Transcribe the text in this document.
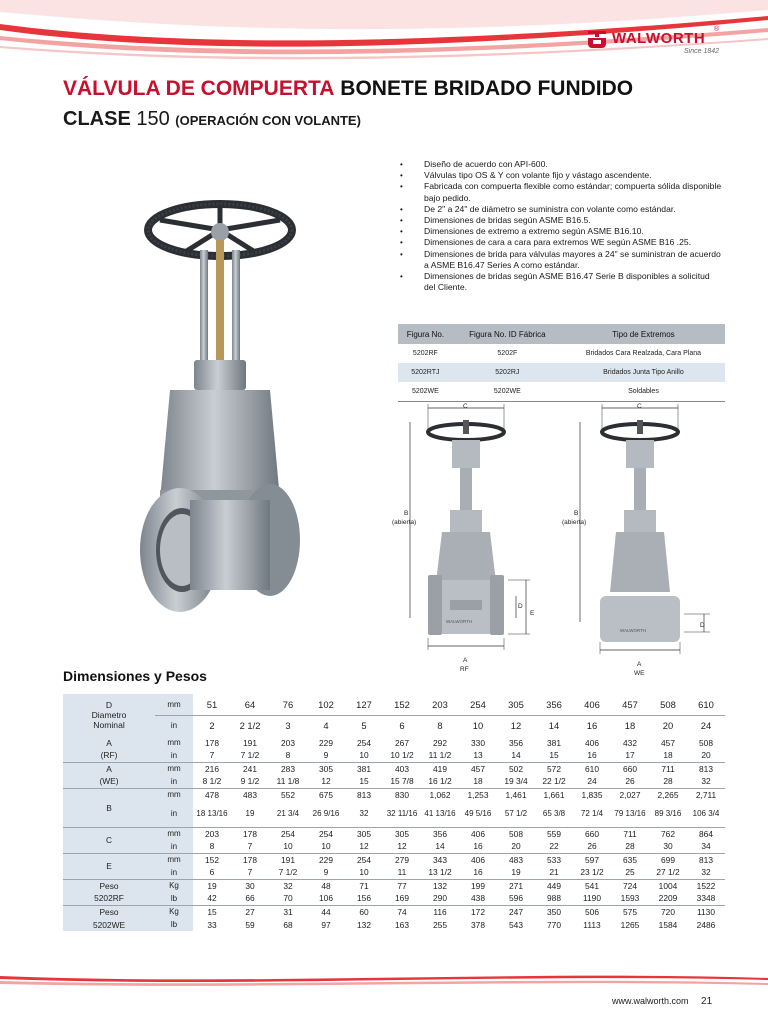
WALWORTH
®
Since 1842
VÁLVULA DE COMPUERTA BONETE BRIDADO FUNDIDO
CLASE 150 (OPERACIÓN CON VOLANTE)
• Diseño de acuerdo con API-600.
• Válvulas tipo OS & Y con volante fijo y vástago ascendente.
• Fabricada con compuerta flexible como estándar; compuerta sólida disponible bajo pedido.
• De 2" a 24" de diámetro se suministra con volante como estándar.
• Dimensiones de bridas según ASME B16.5.
• Dimensiones de extremo a extremo según ASME B16.10.
• Dimensiones de cara a cara para extremos WE según ASME B16 .25.
• Dimensiones de brida para válvulas mayores a 24" se suministran de acuerdo a ASME B16.47 Series A como estándar.
• Dimensiones de bridas según ASME B16.47 Serie B disponibles a solicitud del Cliente.
Figura No.	Figura No. ID Fábrica	Tipo de Extremos
5202RF	5202F	Bridados Cara Realzada, Cara Plana
5202RTJ	5202RJ	Bridados Junta Tipo Anillo
5202WE	5202WE	Soldables
C
B
(abierta)
WALWORTH
D
E
A
RF
C
B
(abierta)
WALWORTH
D
A
WE
Dimensiones y Pesos
D
Diametro
Nominal	mm	51	64	76	102	127	152	203	254	305	356	406	457	508	610
	in	2	2 1/2	3	4	5	6	8	10	12	14	16	18	20	24
A	mm	178	191	203	229	254	267	292	330	356	381	406	432	457	508
(RF)	in	7	7 1/2	8	9	10	10 1/2	11 1/2	13	14	15	16	17	18	20
A	mm	216	241	283	305	381	403	419	457	502	572	610	660	711	813
(WE)	in	8 1/2	9 1/2	11 1/8	12	15	15 7/8	16 1/2	18	19 3/4	22 1/2	24	26	28	32
B	mm	478	483	552	675	813	830	1,062	1,253	1,461	1,661	1,835	2,027	2,265	2,711
	in	18 13/16	19	21 3/4	26 9/16	32	32 11/16	41 13/16	49 5/16	57 1/2	65 3/8	72 1/4	79 13/16	89 3/16	106 3/4
C	mm	203	178	254	254	305	305	356	406	508	559	660	711	762	864
	in	8	7	10	10	12	12	14	16	20	22	26	28	30	34
E	mm	152	178	191	229	254	279	343	406	483	533	597	635	699	813
	in	6	7	7 1/2	9	10	11	13 1/2	16	19	21	23 1/2	25	27 1/2	32
Peso	Kg	19	30	32	48	71	77	132	199	271	449	541	724	1004	1522
5202RF	lb	42	66	70	106	156	169	290	438	596	988	1190	1593	2209	3348
Peso	Kg	15	27	31	44	60	74	116	172	247	350	506	575	720	1130
5202WE	lb	33	59	68	97	132	163	255	378	543	770	1113	1265	1584	2486
www.walworth.com 21
